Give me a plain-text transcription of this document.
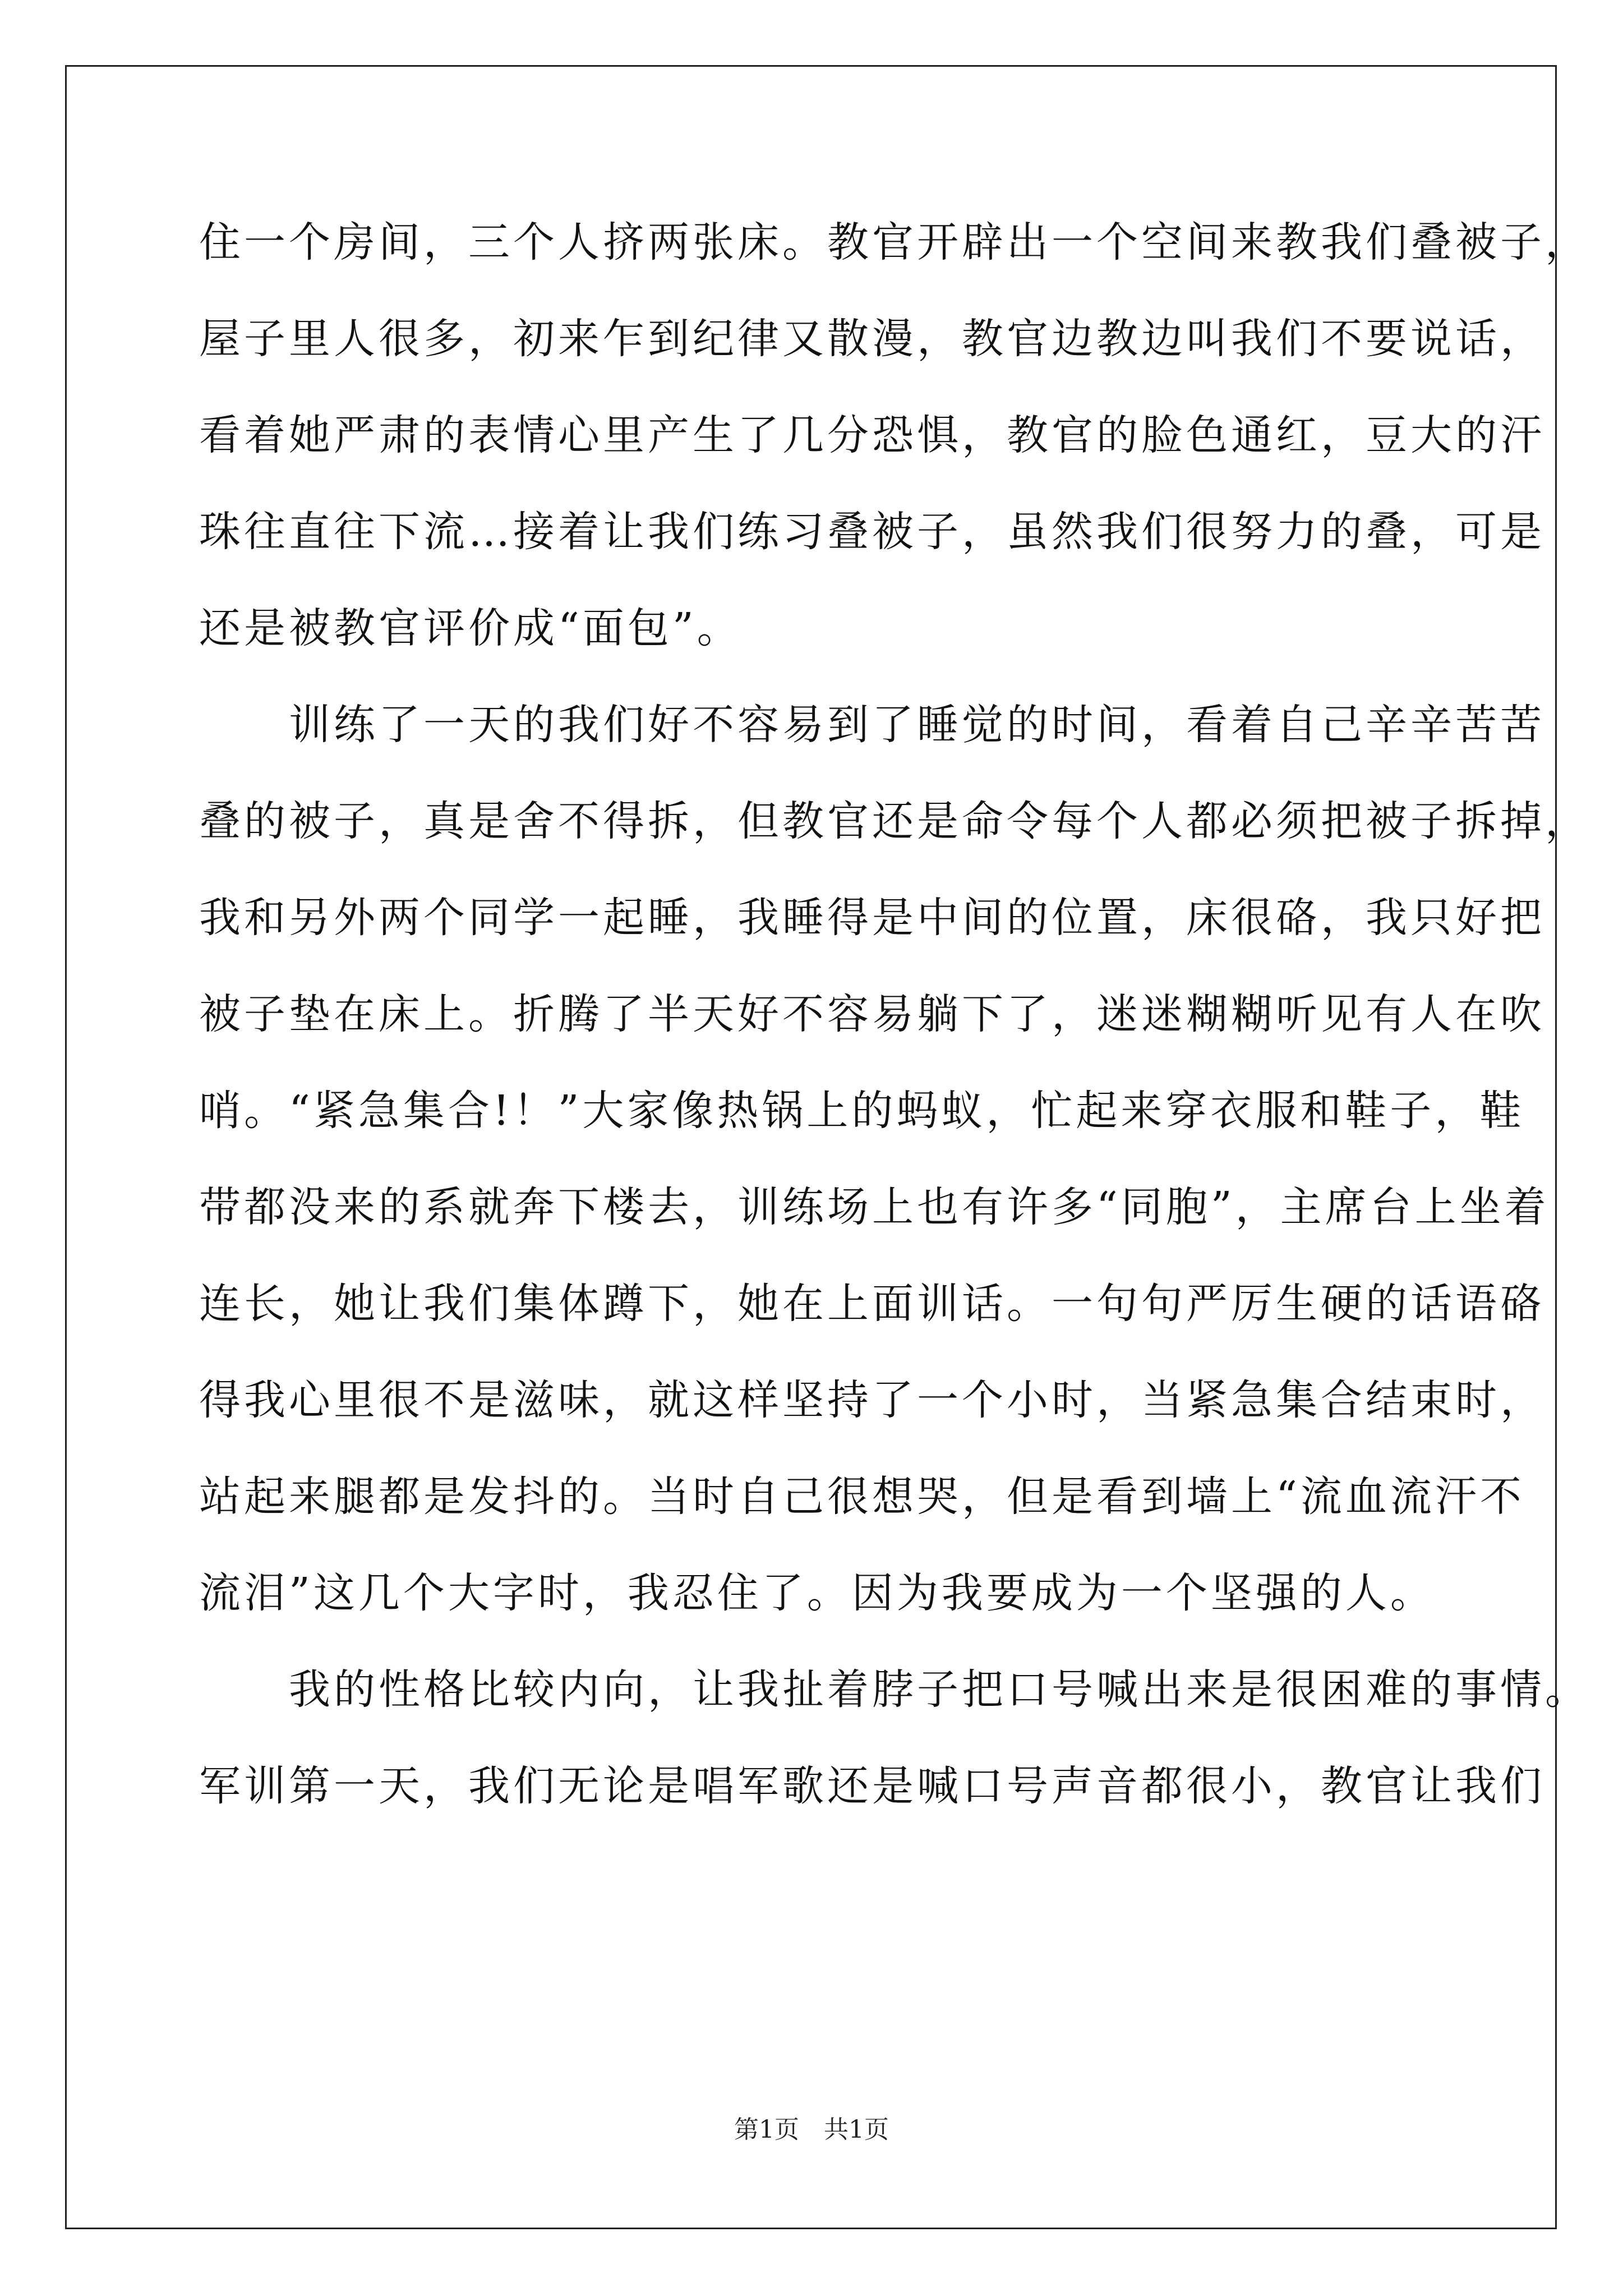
住一个房间，三个人挤两张床。教官开辟出一个空间来教我们叠被子，
屋子里人很多，初来乍到纪律又散漫，教官边教边叫我们不要说话，
看着她严肃的表情心里产生了几分恐惧，教官的脸色通红，豆大的汗
珠往直往下流…接着让我们练习叠被子，虽然我们很努力的叠，可是
还是被教官评价成“面包”。
　　训练了一天的我们好不容易到了睡觉的时间，看着自己辛辛苦苦
叠的被子，真是舍不得拆，但教官还是命令每个人都必须把被子拆掉，
我和另外两个同学一起睡，我睡得是中间的位置，床很硌，我只好把
被子垫在床上。折腾了半天好不容易躺下了，迷迷糊糊听见有人在吹
哨。“紧急集合!！”大家像热锅上的蚂蚁，忙起来穿衣服和鞋子，鞋
带都没来的系就奔下楼去，训练场上也有许多“同胞”，主席台上坐着
连长，她让我们集体蹲下，她在上面训话。一句句严厉生硬的话语硌
得我心里很不是滋味，就这样坚持了一个小时，当紧急集合结束时，
站起来腿都是发抖的。当时自己很想哭，但是看到墙上“流血流汗不
流泪”这几个大字时，我忍住了。因为我要成为一个坚强的人。
　　我的性格比较内向，让我扯着脖子把口号喊出来是很困难的事情。
军训第一天，我们无论是唱军歌还是喊口号声音都很小，教官让我们
第1页　共1页
